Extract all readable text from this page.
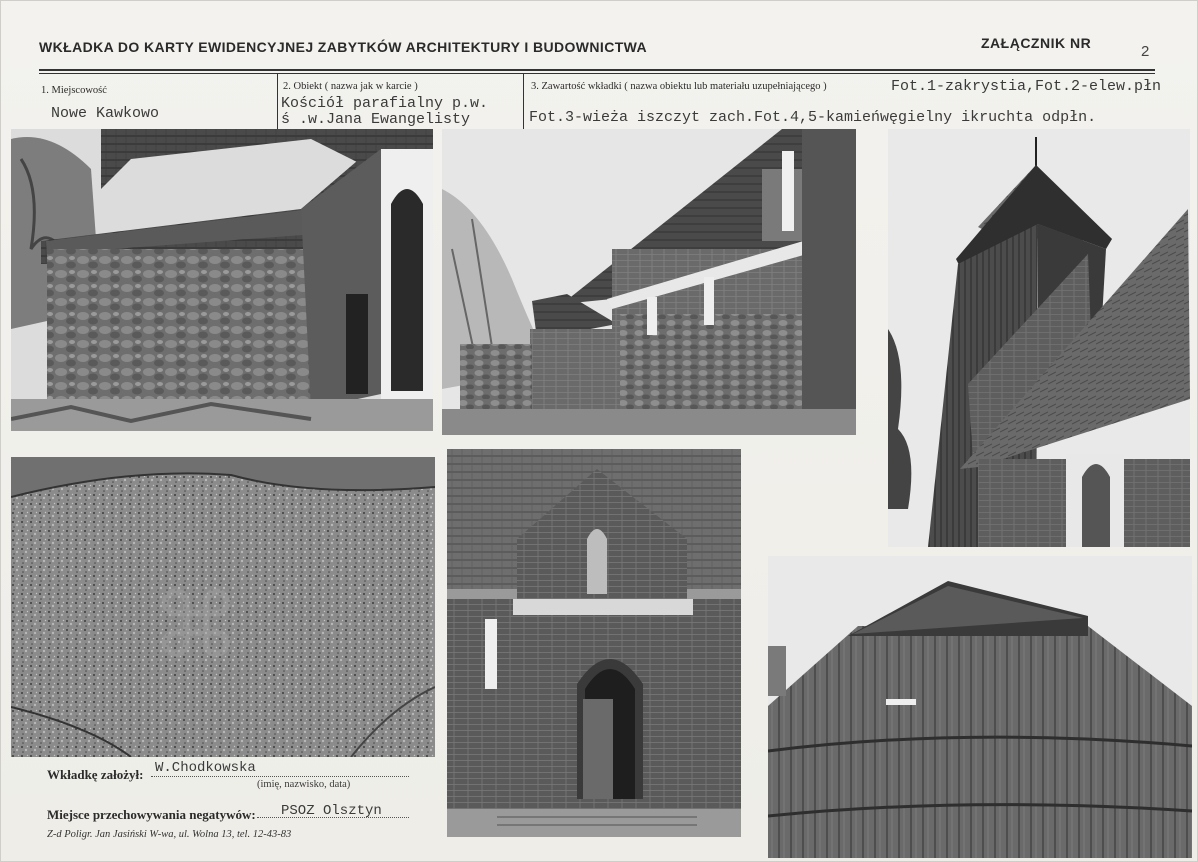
WKŁADKA DO KARTY EWIDENCYJNEJ ZABYTKÓW ARCHITEKTURY I BUDOWNICTWA	ZAŁĄCZNIK NR	2
1. Miejscowość
Nowe Kawkowo
2. Obiekt ( nazwa jak w karcie )
Kościół parafialny p.w.
ś .w.Jana Ewangelisty
3. Zawartość wkładki ( nazwa obiektu lub materiału uzupełniającego )	Fot.1-zakrystia,Fot.2-elew.płn
Fot.3-wieża iszczyt zach.Fot.4,5-kamieńwęgielny ikruchta odpłn.
⌘
Wkładkę założył: W.Chodkowska
(imię, nazwisko, data)
Miejsce przechowywania negatywów: PSOZ Olsztyn
Z-d Poligr. Jan Jasiński W-wa, ul. Wolna 13, tel. 12-43-83
